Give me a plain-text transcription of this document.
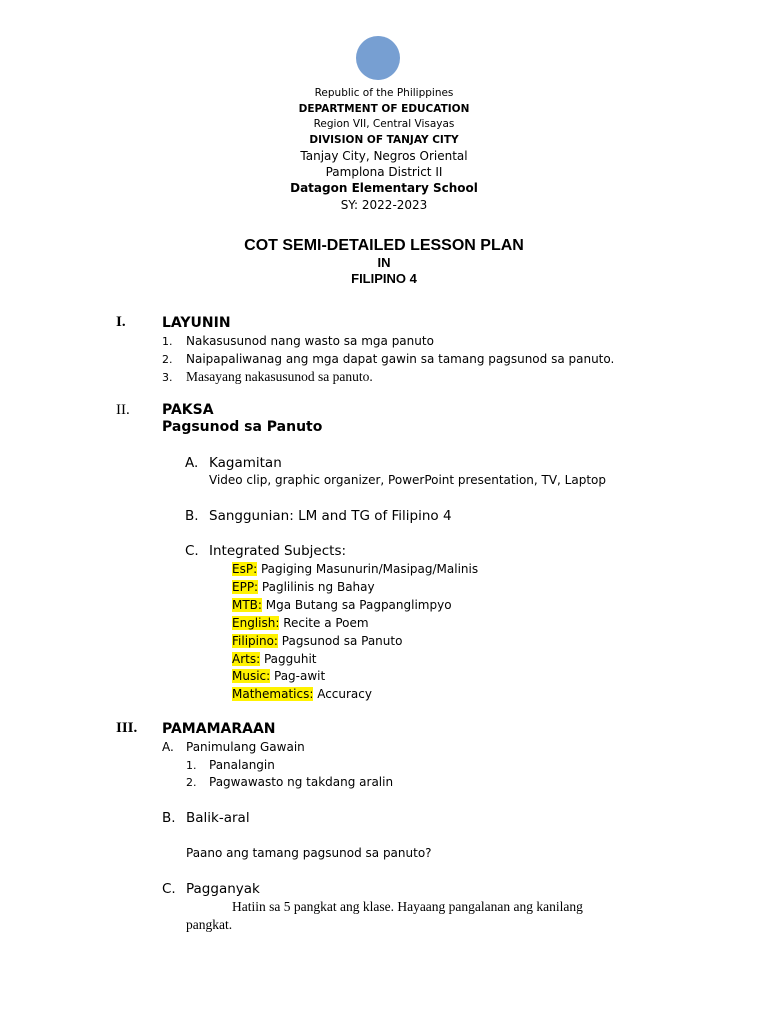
Republic of the Philippines
DEPARTMENT OF EDUCATION
Region VII, Central Visayas
DIVISION OF TANJAY CITY
Tanjay City, Negros Oriental
Pamplona District II
Datagon Elementary School
SY: 2022-2023
COT SEMI-DETAILED LESSON PLAN
IN
FILIPINO 4
I.	LAYUNIN
1. Nakasusunod nang wasto sa mga panuto
2. Naipapaliwanag ang mga dapat gawin sa tamang pagsunod sa panuto.
3. Masayang nakasusunod sa panuto.
II. PAKSA
Pagsunod sa Panuto
A. Kagamitan
Video clip, graphic organizer, PowerPoint presentation, TV, Laptop
B. Sanggunian: LM and TG of Filipino 4
C. Integrated Subjects:
EsP: Pagiging Masunurin/Masipag/Malinis
EPP: Paglilinis ng Bahay
MTB: Mga Butang sa Pagpanglimpyo
English: Recite a Poem
Filipino: Pagsunod sa Panuto
Arts: Pagguhit
Music: Pag-awit
Mathematics: Accuracy
III. PAMAMARAAN
A. Panimulang Gawain
1. Panalangin
2. Pagwawasto ng takdang aralin
B. Balik-aral
Paano ang tamang pagsunod sa panuto?
C. Pagganyak
Hatiin sa 5 pangkat ang klase. Hayaang pangalanan ang kanilang
pangkat.
